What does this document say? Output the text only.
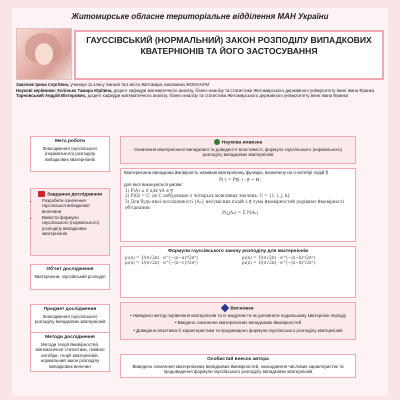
Житомирське обласне територіальне відділення МАН України
ГАУССІВСЬКИЙ (НОРМАЛЬНИЙ) ЗАКОН РОЗПОДІЛУ ВИПАДКОВИХ КВАТЕРНІОНІВ ТА ЙОГО ЗАСТОСУВАННЯ
Закалюк Ірина Сергіївна, учениця 11 класу гімназії №1 міста Житомира, вихованка ЖОМАНУМ
Наукові керівники: Колінько Тамара Юріївна, доцент кафедри математичного аналізу, бізнес-аналізу та статистики Житомирського державного університету імені Івана Франка
Тарновський Андрій Вікторович, доцент кафедри математичного аналізу, бізнес-аналізу та статистики Житомирського державного університету імені Івана Франка
Мета роботи
Знаходження гауссівського (нормального) розподілу випадкових кватерніонів
Завдання дослідження
• Розробити означення гауссівської випадкової величини
• Вивести формули гауссівського (нормального) розподілу випадкових кватерніонів
Об'єкт дослідження
Кватерніони, гауссівський розподіл
Предмет дослідження
Знаходження гауссівського розподілу випадкових кватерніонів
Методи дослідження
Методи теорії ймовірностей, математичної статистики, лінійної алгебри, теорії кватерніонів, нормальний закон розподілу випадкових величин
Наукова новизна
Означення кватерніонної випадкової та доведені її властивості, формула гауссівського (нормального) розподілу випадкових кватерніонів
Кватерніонна випадкова ймовірність називаю кватерніонну функцію, визначену на σ-алгебрі подій 𝔉
P(·) = P𝔉(·) : 𝔉 → ℍ,
для якої виконуються умови:
1) P(A) ≥ 0 для ∀A ∈ 𝔉
2) P(Ω) = C, де C побудоване з чотирьох можливих значень: C = {1, i, j, k}
3) Для будь-якої послідовності {Aₙ} несумісних подій з 𝔉 сума ймовірностей дорівнює ймовірності об'єднання:
P(⋃Aₙ) = Σ P(Aₙ)
Формули гауссівського закону розподілу для кватерніонів
ρ₁(x) = 1/(σ√2π) · e^(−(x−a)²/2σ²)	ρ₂(x) = 1/(σ√2π) · e^(−(x−b)²/2σ²)
ρ₃(x) = 1/(σ√2π) · e^(−(x−c)²/2σ²)	ρ₄(x) = 1/(σ√2π) · e^(−(x−d)²/2σ²)
Висновки
• Наведено метод порівняння кватерніонів та їх модулям та як доповнити подальшому кватерніон періоду
• Введено означення кватерніонних випадкових ймовірностей
• Доведено властивості характеристики та продоведено формули гауссівського розподілу кватерніонів
Особистий внесок автора
Виведено означення кватерніонних випадкових ймовірностей, знаходження числових характеристик та продоведення формули гауссівського розподілу випадкових кватерніонів
